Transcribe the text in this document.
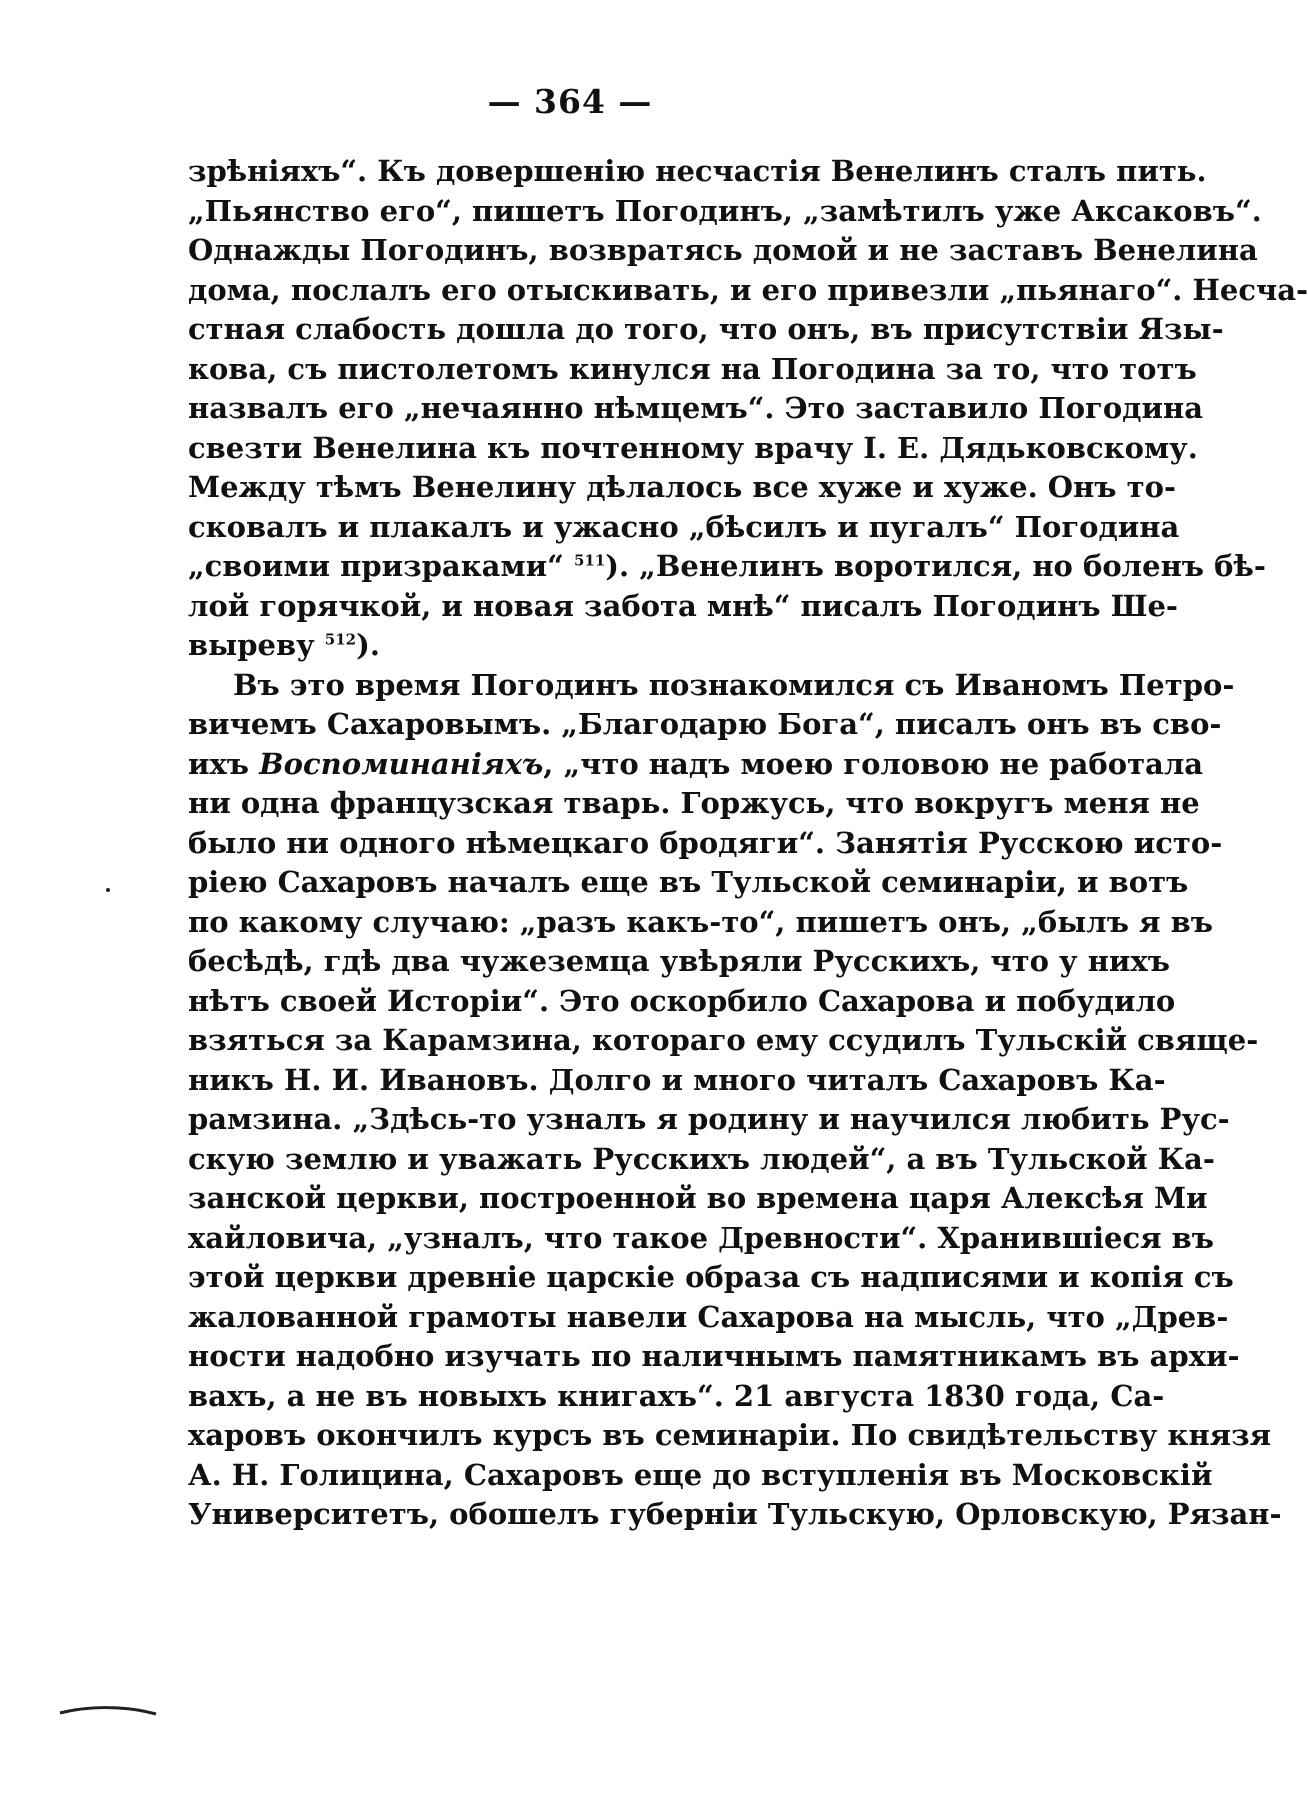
— 364 —

зрѣніяхъ“. Къ довершенію несчастія Венелинъ сталъ пить.
„Пьянство его“, пишетъ Погодинъ, „замѣтилъ уже Аксаковъ“.
Однажды Погодинъ, возвратясь домой и не заставъ Венелина
дома, послалъ его отыскивать, и его привезли „пьянаго“. Несча-
стная слабость дошла до того, что онъ, въ присутствіи Язы-
кова, съ пистолетомъ кинулся на Погодина за то, что тотъ
назвалъ его „нечаянно нѣмцемъ“. Это заставило Погодина
свезти Венелина къ почтенному врачу І. Е. Дядьковскому.
Между тѣмъ Венелину дѣлалось все хуже и хуже. Онъ то-
сковалъ и плакалъ и ужасно „бѣсилъ и пугалъ“ Погодина
„своими призраками“ $^{511}$). „Венелинъ воротился, но боленъ бѣ-
лой горячкой, и новая забота мнѣ“ писалъ Погодинъ Ше-
выреву $^{512}$).

Въ это время Погодинъ познакомился съ Иваномъ Петро-
вичемъ Сахаровымъ. „Благодарю Бога“, писалъ онъ въ сво-
ихъ Воспоминаніяхъ, „что надъ моею головою не работала
ни одна французская тварь. Горжусь, что вокругъ меня не
было ни одного нѣмецкаго бродяги“. Занятія Русскою исто-
ріею Сахаровъ началъ еще въ Тульской семинаріи, и вотъ
по какому случаю: „разъ какъ-то“, пишетъ онъ, „былъ я въ
бесѣдѣ, гдѣ два чужеземца увѣряли Русскихъ, что у нихъ
нѣтъ своей Исторіи“. Это оскорбило Сахарова и побудило
взяться за Карамзина, котораго ему ссудилъ Тульскій свяще-
никъ Н. И. Ивановъ. Долго и много читалъ Сахаровъ Ка-
рамзина. „Здѣсь-то узналъ я родину и научился любить Рус-
скую землю и уважать Русскихъ людей“, а въ Тульской Ка-
занской церкви, построенной во времена царя Алексѣя Ми
хайловича, „узналъ, что такое Древности“. Хранившіеся въ
этой церкви древніе царскіе образа съ надписями и копія съ
жалованной грамоты навели Сахарова на мысль, что „Древ-
ности надобно изучать по наличнымъ памятникамъ въ архи-
вахъ, а не въ новыхъ книгахъ“. 21 августа 1830 года, Са-
харовъ окончилъ курсъ въ семинаріи. По свидѣтельству князя
А. Н. Голицина, Сахаровъ еще до вступленія въ Московскій
Университетъ, обошелъ губерніи Тульскую, Орловскую, Рязан-
